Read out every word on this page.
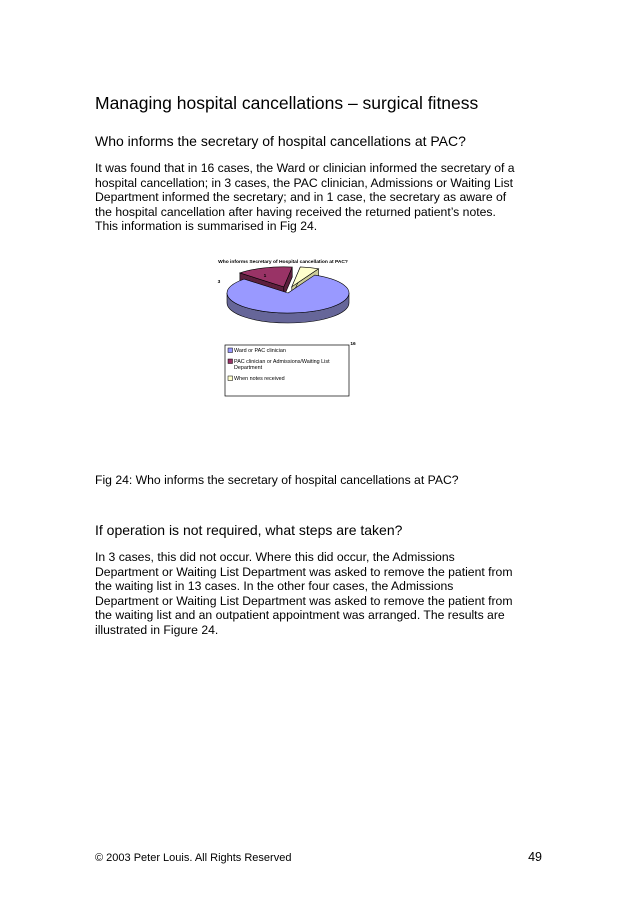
Managing hospital cancellations – surgical fitness
Who informs the secretary of hospital cancellations at PAC?

It was found that in 16 cases, the Ward or clinician informed the secretary of a

hospital cancellation; in 3 cases, the PAC clinician, Admissions or Waiting List

Department informed the secretary; and in 1 case, the secretary as aware of

the hospital cancellation after having received the returned patient’s notes.

This information is summarised in Fig 24.

Who informs Secretary of Hospital cancellation at PAC?
16
3
1
Ward or PAC clinician
PAC clinician or Admissions/Waiting List
Department
When notes received
Fig 24: Who informs the secretary of hospital cancellations at PAC?
If operation is not required, what steps are taken?

In 3 cases, this did not occur. Where this did occur, the Admissions

Department or Waiting List Department was asked to remove the patient from

the waiting list in 13 cases. In the other four cases, the Admissions

Department or Waiting List Department was asked to remove the patient from

the waiting list and an outpatient appointment was arranged. The results are

illustrated in Figure 24.

© 2003 Peter Louis. All Rights Reserved	49
